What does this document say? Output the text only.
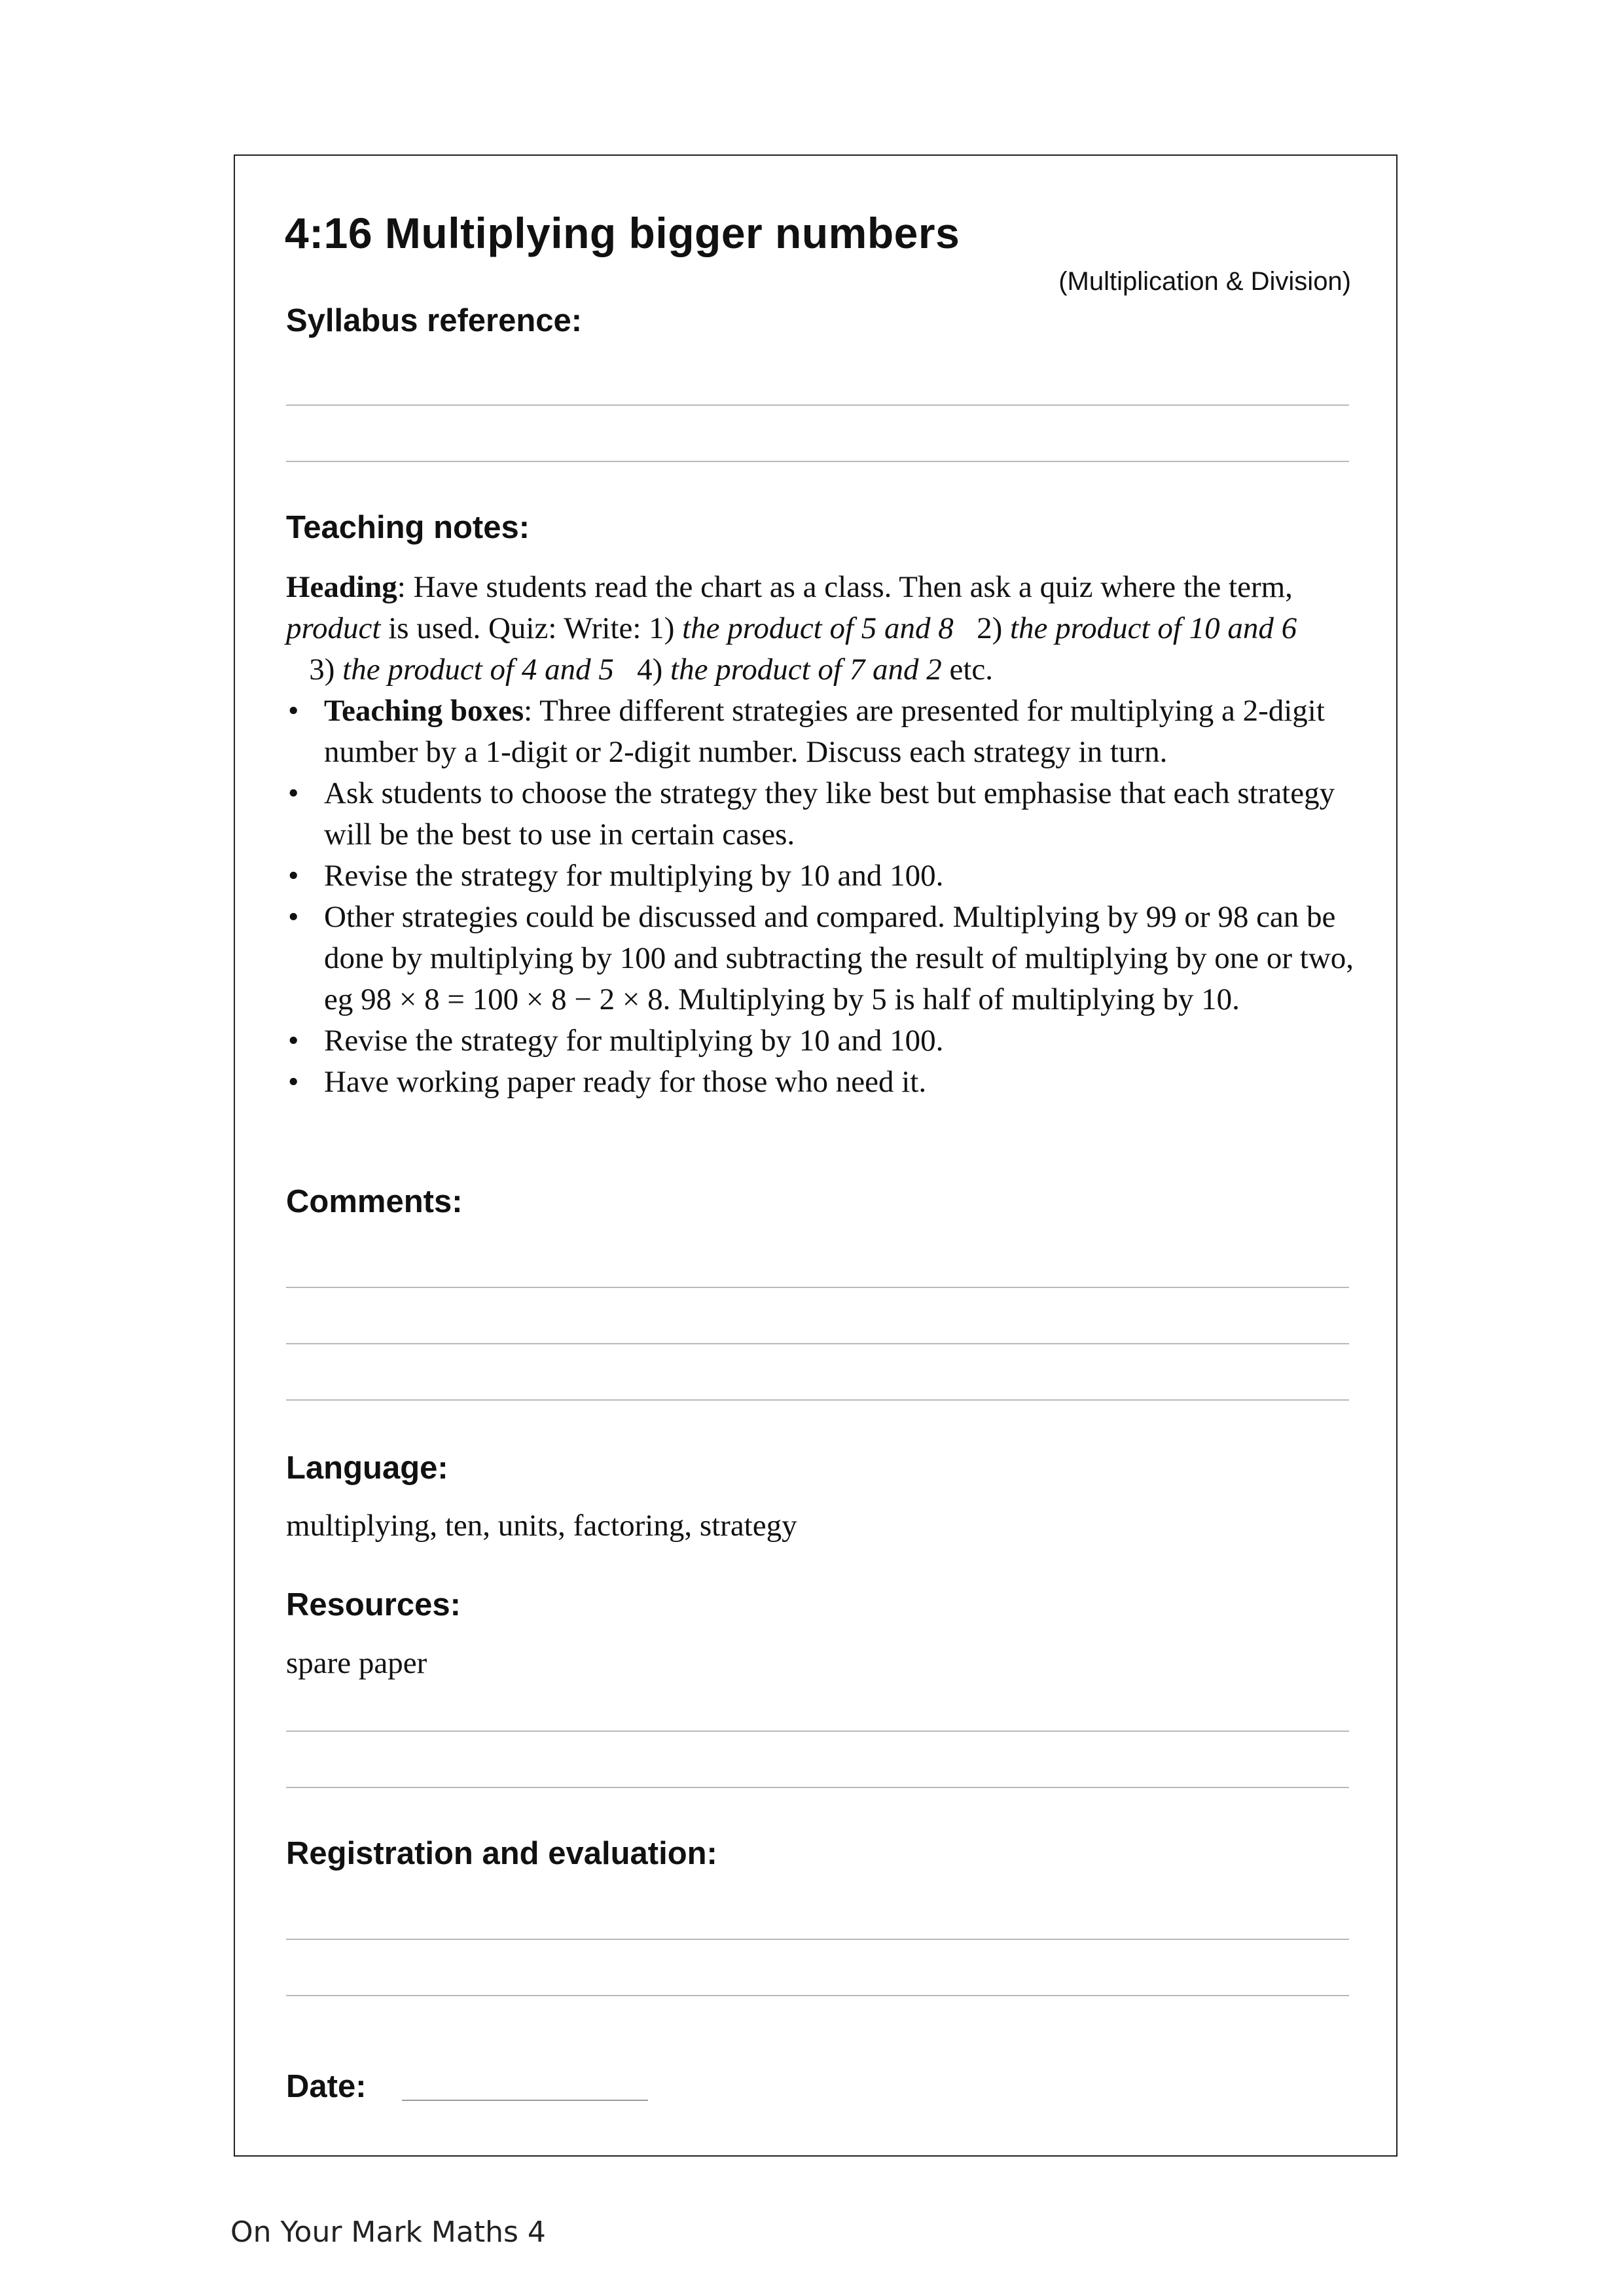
4:16 Multiplying bigger numbers
(Multiplication & Division)
Syllabus reference:
Teaching notes:

Heading: Have students read the chart as a class. Then ask a quiz where the term, product is used. Quiz: Write: 1) the product of 5 and 8   2) the product of 10 and 6   3) the product of 4 and 5   4) the product of 7 and 2 etc.

• Teaching boxes: Three different strategies are presented for multiplying a 2-digit number by a 1-digit or 2-digit number. Discuss each strategy in turn.
• Ask students to choose the strategy they like best but emphasise that each strategy will be the best to use in certain cases.
• Revise the strategy for multiplying by 10 and 100.
• Other strategies could be discussed and compared. Multiplying by 99 or 98 can be done by multiplying by 100 and subtracting the result of multiplying by one or two, eg 98 × 8 = 100 × 8 − 2 × 8. Multiplying by 5 is half of multiplying by 10.
• Revise the strategy for multiplying by 10 and 100.
• Have working paper ready for those who need it.
Comments:
Language:
multiplying, ten, units, factoring, strategy
Resources:
spare paper
Registration and evaluation:
Date:
On Your Mark Maths 4
